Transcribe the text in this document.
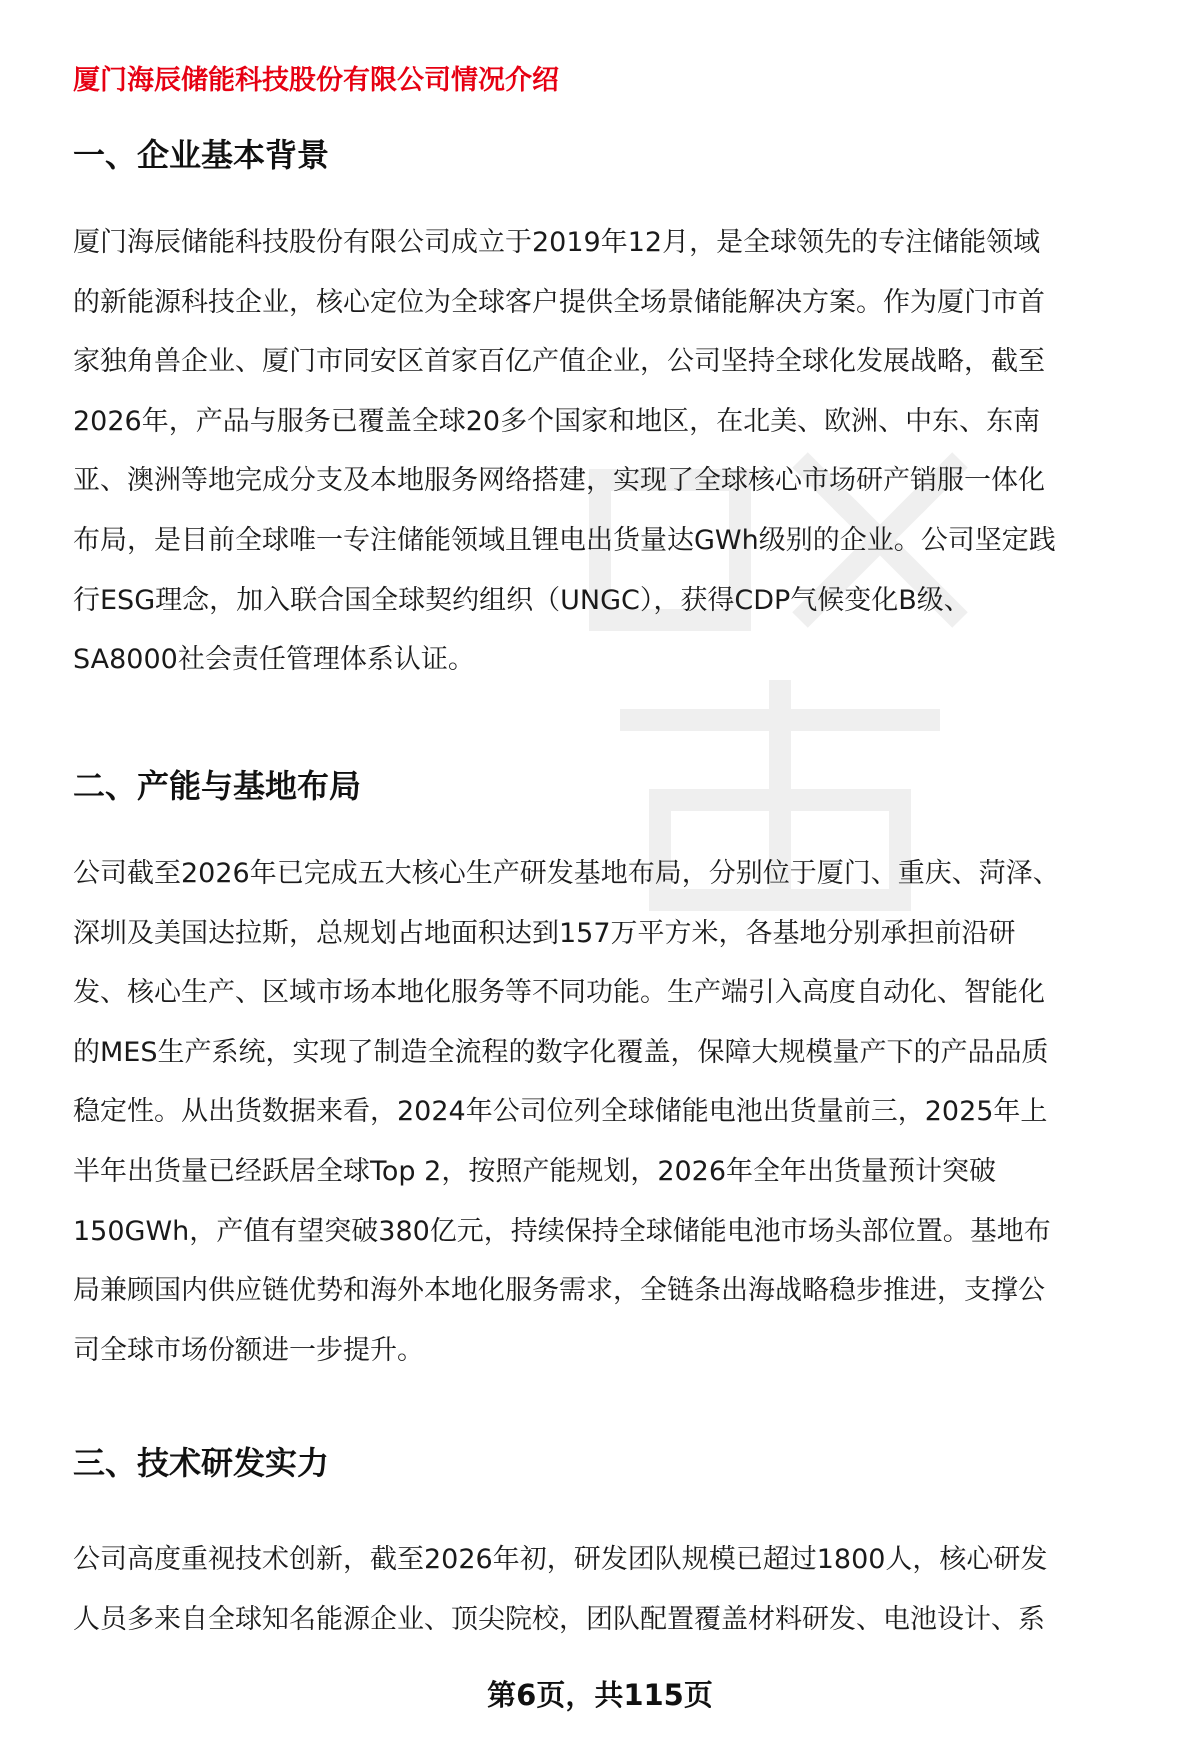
厦门海辰储能科技股份有限公司情况介绍
一、企业基本背景
厦门海辰储能科技股份有限公司成立于2019年12月，是全球领先的专注储能领域
的新能源科技企业，核心定位为全球客户提供全场景储能解决方案。作为厦门市首
家独角兽企业、厦门市同安区首家百亿产值企业，公司坚持全球化发展战略，截至
2026年，产品与服务已覆盖全球20多个国家和地区，在北美、欧洲、中东、东南
亚、澳洲等地完成分支及本地服务网络搭建，实现了全球核心市场研产销服一体化
布局，是目前全球唯一专注储能领域且锂电出货量达GWh级别的企业。公司坚定践
行ESG理念，加入联合国全球契约组织（UNGC），获得CDP气候变化B级、
SA8000社会责任管理体系认证。
二、产能与基地布局
公司截至2026年已完成五大核心生产研发基地布局，分别位于厦门、重庆、菏泽、
深圳及美国达拉斯，总规划占地面积达到157万平方米，各基地分别承担前沿研
发、核心生产、区域市场本地化服务等不同功能。生产端引入高度自动化、智能化
的MES生产系统，实现了制造全流程的数字化覆盖，保障大规模量产下的产品品质
稳定性。从出货数据来看，2024年公司位列全球储能电池出货量前三，2025年上
半年出货量已经跃居全球Top 2，按照产能规划，2026年全年出货量预计突破
150GWh，产值有望突破380亿元，持续保持全球储能电池市场头部位置。基地布
局兼顾国内供应链优势和海外本地化服务需求，全链条出海战略稳步推进，支撑公
司全球市场份额进一步提升。
三、技术研发实力
公司高度重视技术创新，截至2026年初，研发团队规模已超过1800人，核心研发
人员多来自全球知名能源企业、顶尖院校，团队配置覆盖材料研发、电池设计、系

第6页，共115页
